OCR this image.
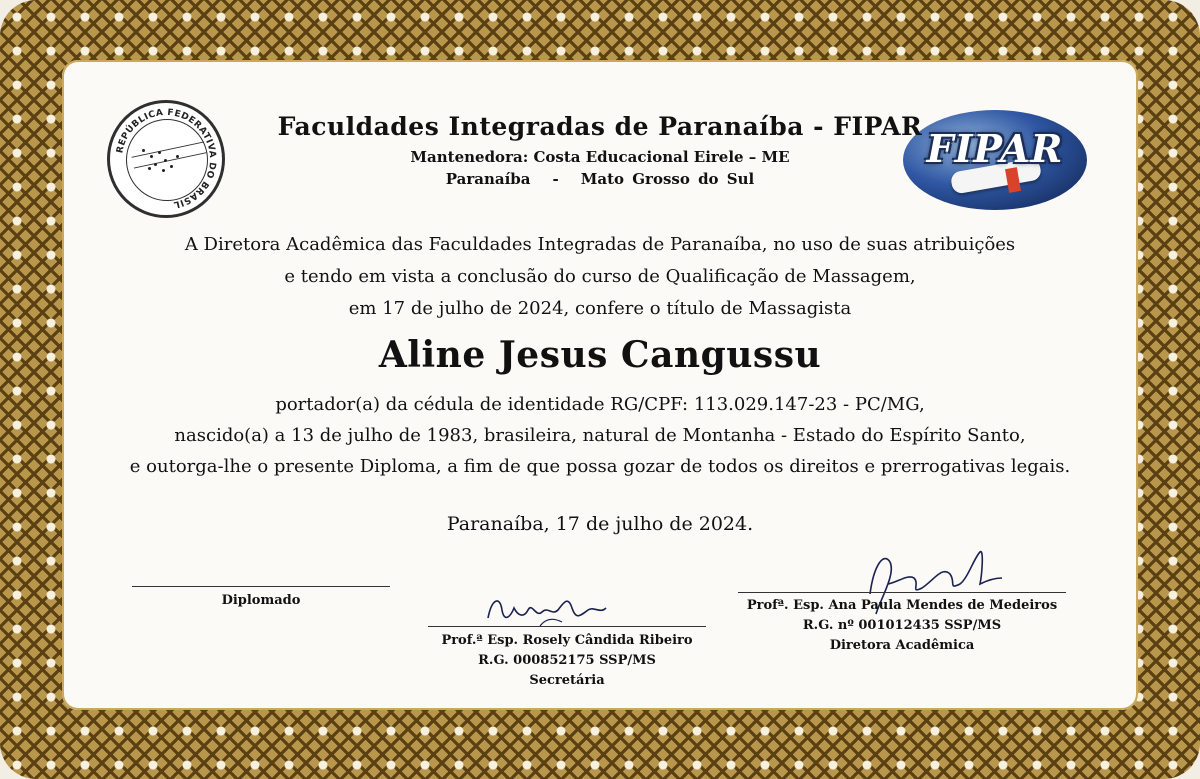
REPÚBLICA FEDERATIVA DO BRASIL
FIPAR
Faculdades Integradas de Paranaíba - FIPAR
Mantenedora: Costa Educacional Eirele – ME
Paranaíba - Mato Grosso do Sul
A Diretora Acadêmica das Faculdades Integradas de Paranaíba, no uso de suas atribuições
e tendo em vista a conclusão do curso de Qualificação de Massagem,
em 17 de julho de 2024, confere o título de Massagista
Aline Jesus Cangussu
portador(a) da cédula de identidade RG/CPF: 113.029.147-23 - PC/MG,
nascido(a) a 13 de julho de 1983, brasileira, natural de Montanha - Estado do Espírito Santo,
e outorga-lhe o presente Diploma, a fim de que possa gozar de todos os direitos e prerrogativas legais.
Paranaíba, 17 de julho de 2024.
Diplomado
Prof.ª Esp. Rosely Cândida Ribeiro
R.G. 000852175 SSP/MS
Secretária
Profª. Esp. Ana Paula Mendes de Medeiros
R.G. nº 001012435 SSP/MS
Diretora Acadêmica
